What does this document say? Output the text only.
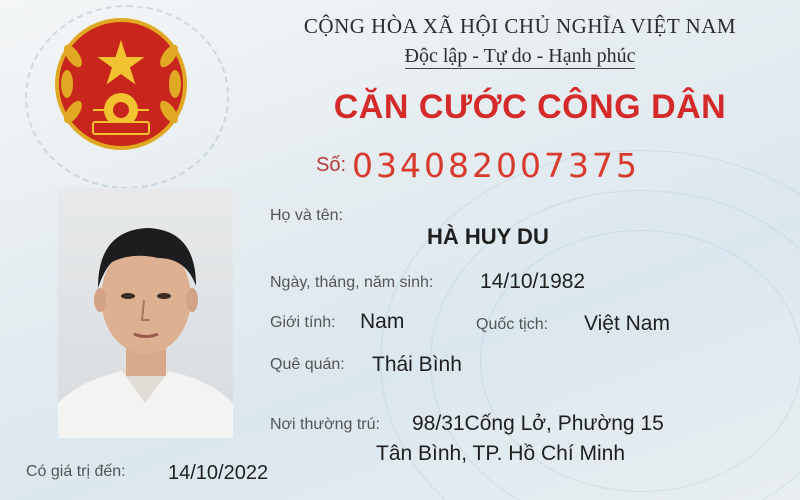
CỘNG HÒA XÃ HỘI CHỦ NGHĨA VIỆT NAM
Độc lập - Tự do - Hạnh phúc
CĂN CƯỚC CÔNG DÂN
Số: 034082007375
Họ và tên:
HÀ HUY DU
Ngày, tháng, năm sinh: 14/10/1982
Giới tính: Nam	Quốc tịch: Việt Nam
Quê quán: Thái Bình
Nơi thường trú: 98/31Cống Lở, Phường 15
Tân Bình, TP. Hồ Chí Minh
Có giá trị đến: 14/10/2022
